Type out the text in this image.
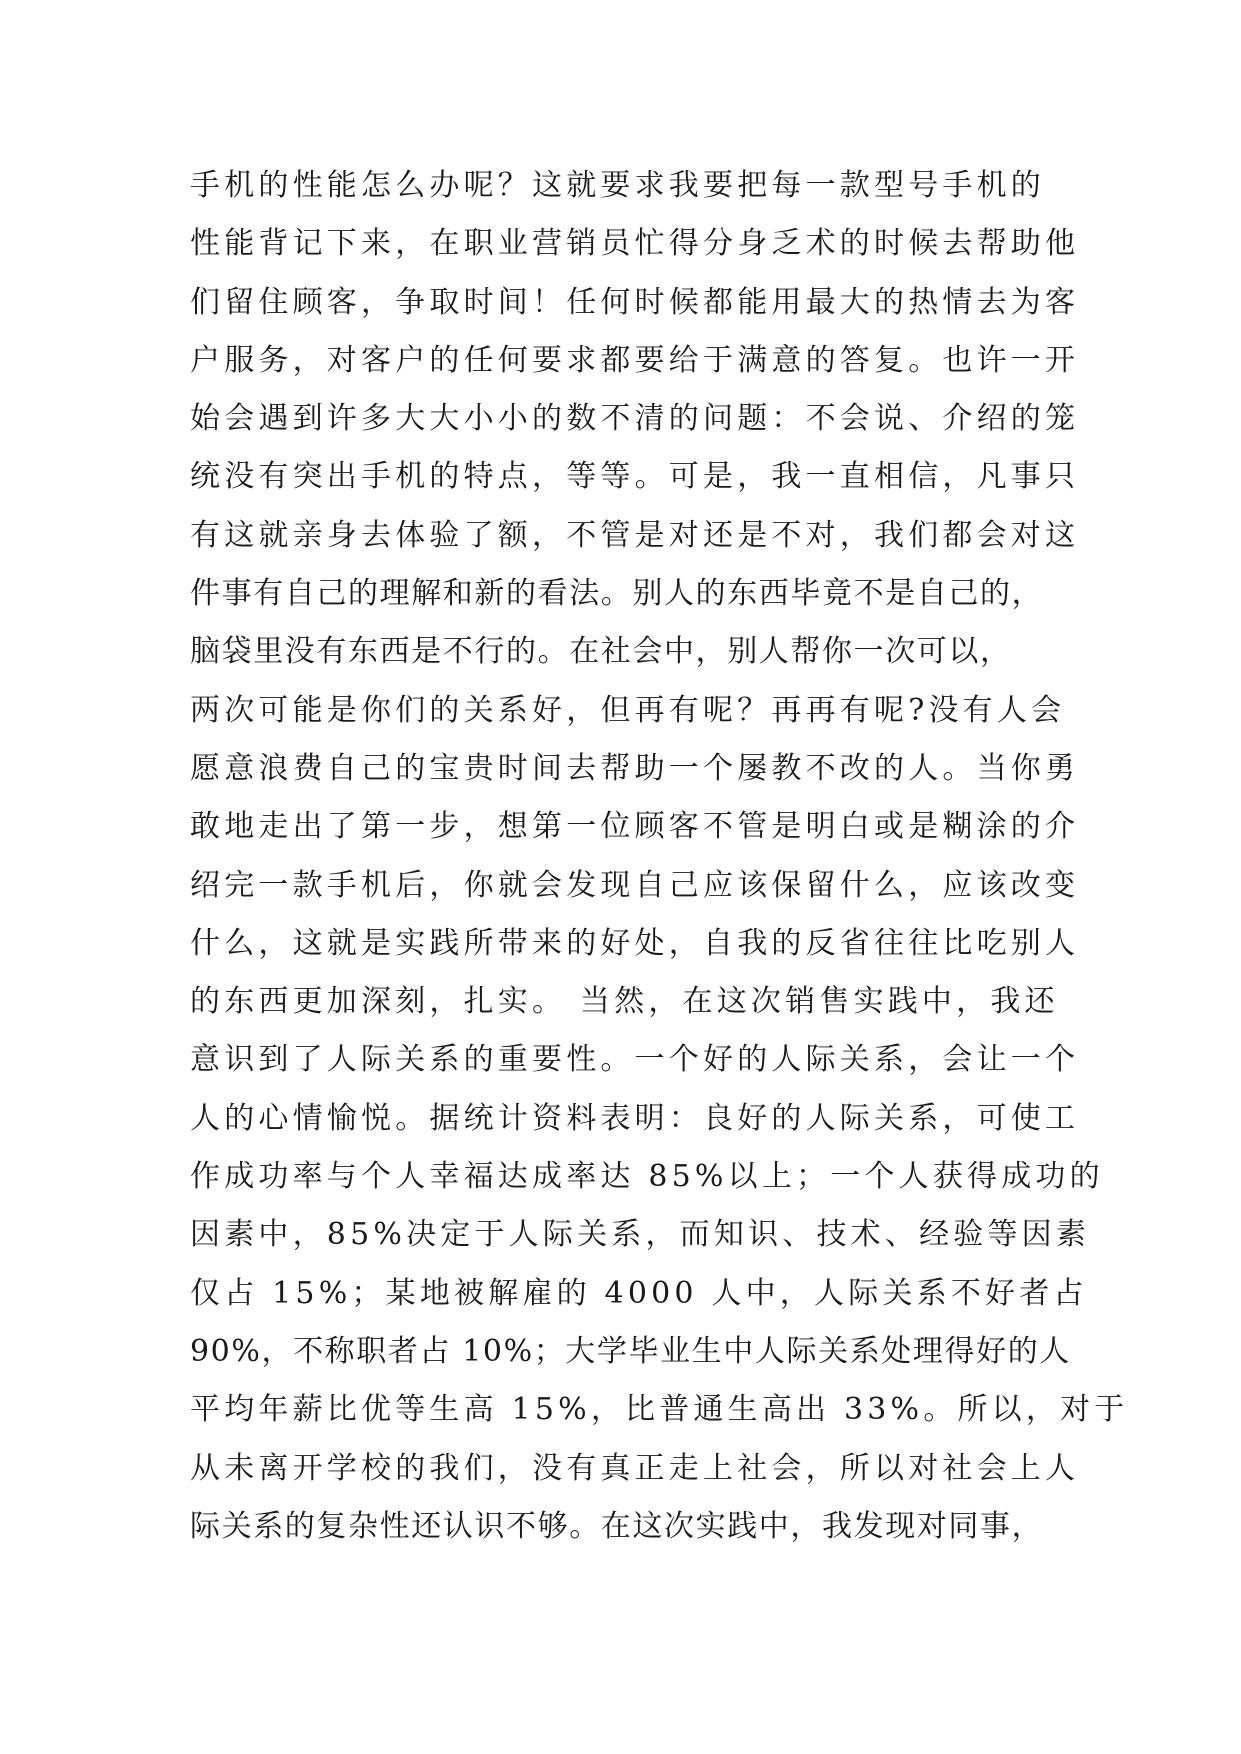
手机的性能怎么办呢？这就要求我要把每一款型号手机的
性能背记下来，在职业营销员忙得分身乏术的时候去帮助他
们留住顾客，争取时间！任何时候都能用最大的热情去为客
户服务，对客户的任何要求都要给于满意的答复。也许一开
始会遇到许多大大小小的数不清的问题：不会说、介绍的笼
统没有突出手机的特点，等等。可是，我一直相信，凡事只
有这就亲身去体验了额，不管是对还是不对，我们都会对这
件事有自己的理解和新的看法。别人的东西毕竟不是自己的，
脑袋里没有东西是不行的。在社会中，别人帮你一次可以，
两次可能是你们的关系好，但再有呢？再再有呢?没有人会
愿意浪费自己的宝贵时间去帮助一个屡教不改的人。当你勇
敢地走出了第一步，想第一位顾客不管是明白或是糊涂的介
绍完一款手机后，你就会发现自己应该保留什么，应该改变
什么，这就是实践所带来的好处，自我的反省往往比吃别人
的东西更加深刻，扎实。 当然，在这次销售实践中，我还
意识到了人际关系的重要性。一个好的人际关系，会让一个
人的心情愉悦。据统计资料表明：良好的人际关系，可使工
作成功率与个人幸福达成率达 85%以上；一个人获得成功的
因素中，85%决定于人际关系，而知识、技术、经验等因素
仅占 15%；某地被解雇的 4000 人中，人际关系不好者占
90%，不称职者占 10%；大学毕业生中人际关系处理得好的人
平均年薪比优等生高 15%，比普通生高出 33%。所以，对于
从未离开学校的我们，没有真正走上社会，所以对社会上人
际关系的复杂性还认识不够。在这次实践中，我发现对同事，
